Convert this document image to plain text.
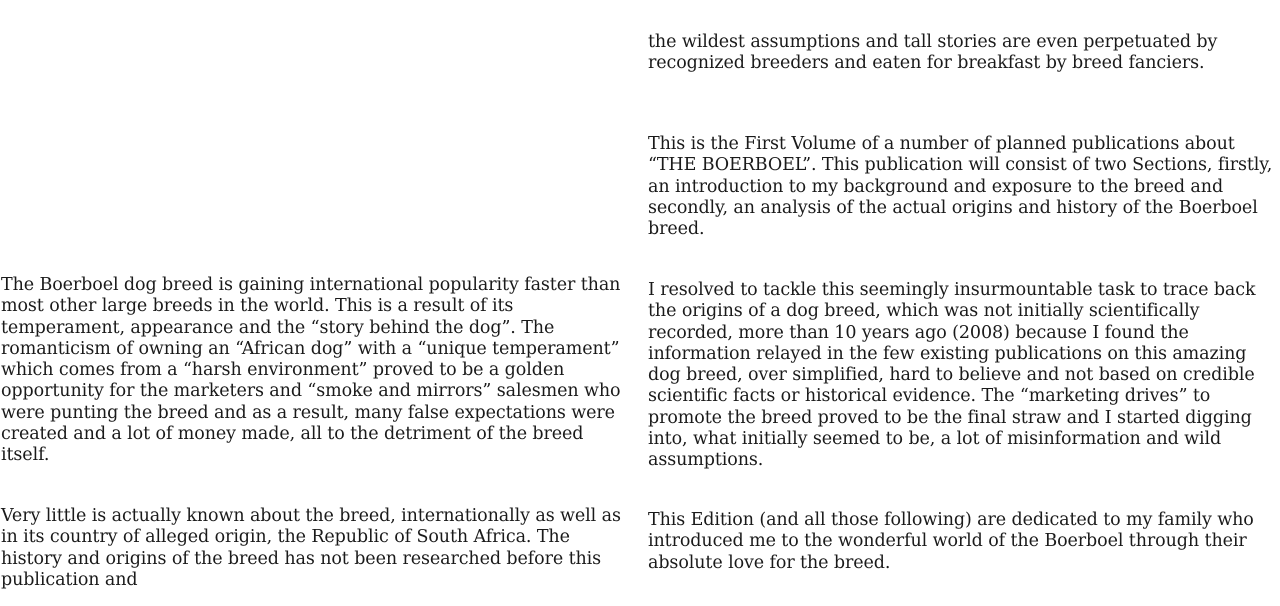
The Boerboel dog breed is gaining international popularity faster than most other large breeds in the world. This is a result of its temperament, appearance and the “story behind the dog”. The romanticism of owning an “African dog” with a “unique temperament” which comes from a “harsh environment” proved to be a golden opportunity for the marketers and “smoke and mirrors” salesmen who were punting the breed and as a result, many false expectations were created and a lot of money made, all to the detriment of the breed itself.

Very little is actually known about the breed, internationally as well as in its country of alleged origin, the Republic of South Africa. The history and origins of the breed has not been researched before this publication and

the wildest assumptions and tall stories are even perpetuated by recognized breeders and eaten for breakfast by breed fanciers.

This is the First Volume of a number of planned publications about “THE BOERBOEL”. This publication will consist of two Sections, firstly, an introduction to my background and exposure to the breed and secondly, an analysis of the actual origins and history of the Boerboel breed.

I resolved to tackle this seemingly insurmountable task to trace back the origins of a dog breed, which was not initially scientifically recorded, more than 10 years ago (2008) because I found the information relayed in the few existing publications on this amazing dog breed, over simplified, hard to believe and not based on credible scientific facts or historical evidence. The “marketing drives” to promote the breed proved to be the final straw and I started digging into, what initially seemed to be, a lot of misinformation and wild assumptions.

This Edition (and all those following) are dedicated to my family who introduced me to the wonderful world of the Boerboel through their absolute love for the breed.
